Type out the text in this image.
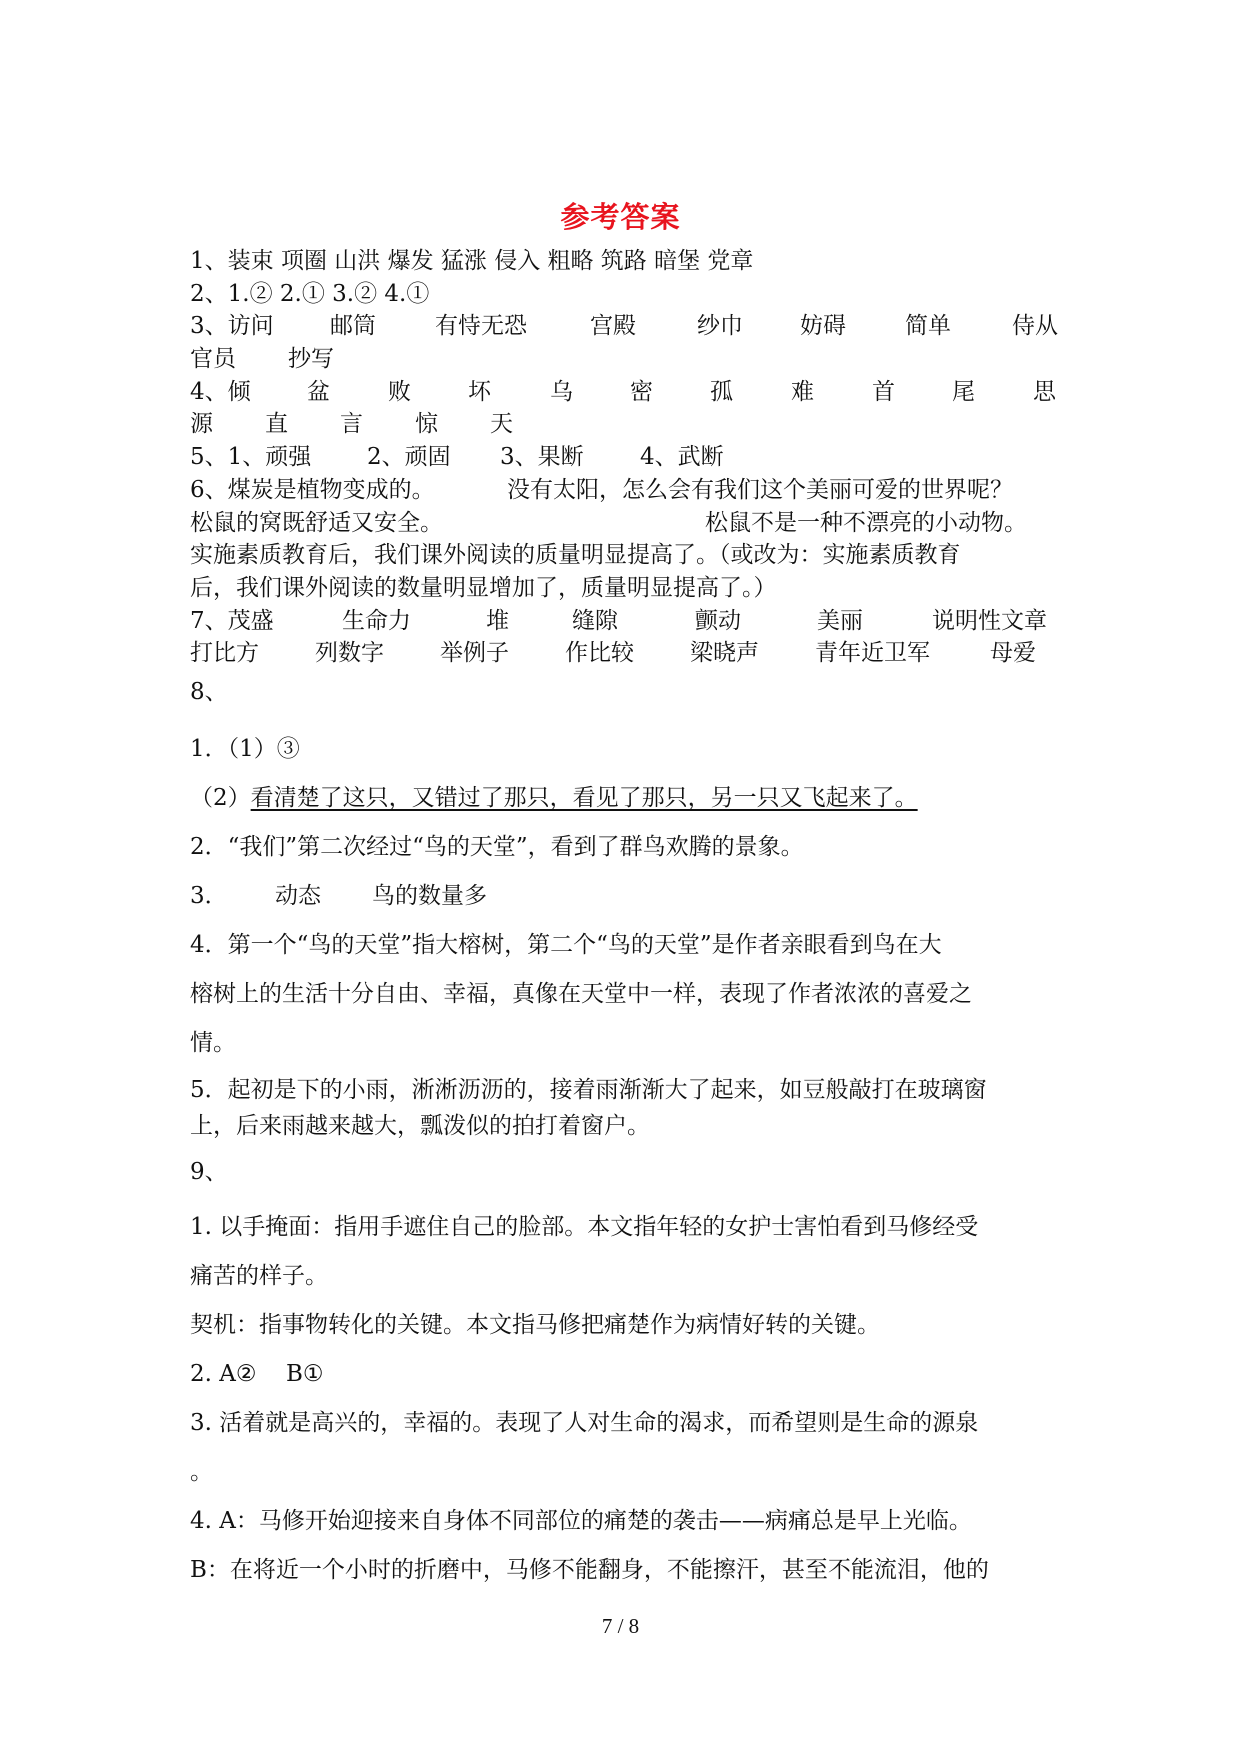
参考答案
1、装束 项圈 山洪 爆发 猛涨 侵入 粗略 筑路 暗堡 党章
2、1.② 2.① 3.② 4.①
3、访问 邮筒	有恃无恐	宫殿	纱巾 妨碍	简单	侍从
官员 抄写
4、倾 盆	败 坏	乌 密 孤	难	首 尾	思
源 直 言 惊 天
5、1、顽强 2、顽固 3、果断 4、武断
6、煤炭是植物变成的。	没有太阳，怎么会有我们这个美丽可爱的世界呢？
松鼠的窝既舒适又安全。	松鼠不是一种不漂亮的小动物。
实施素质教育后，我们课外阅读的质量明显提高了。（或改为：实施素质教育
后，我们课外阅读的数量明显增加了，质量明显提高了。）
7、茂盛	生命力	堆	缝隙	颤动	美丽	说明性文章
打比方 列数字 举例子 作比较 梁晓声 青年近卫军	母爱
8、
1．（1）③
（2）看清楚了这只，又错过了那只，看见了那只，另一只又飞起来了。
2．“我们”第二次经过“鸟的天堂”，看到了群鸟欢腾的景象。
3． 动态 鸟的数量多
4．第一个“鸟的天堂”指大榕树，第二个“鸟的天堂”是作者亲眼看到鸟在大
榕树上的生活十分自由、幸福，真像在天堂中一样，表现了作者浓浓的喜爱之
情。
5．起初是下的小雨，淅淅沥沥的，接着雨渐渐大了起来，如豆般敲打在玻璃窗
上，后来雨越来越大，瓢泼似的拍打着窗户。
9、
1. 以手掩面：指用手遮住自己的脸部。本文指年轻的女护士害怕看到马修经受
痛苦的样子。
契机：指事物转化的关键。本文指马修把痛楚作为病情好转的关键。
2. A② B①
3. 活着就是高兴的，幸福的。表现了人对生命的渴求，而希望则是生命的源泉
。
4. A：马修开始迎接来自身体不同部位的痛楚的袭击——病痛总是早上光临。
B：在将近一个小时的折磨中，马修不能翻身，不能擦汗，甚至不能流泪，他的
7 / 8
